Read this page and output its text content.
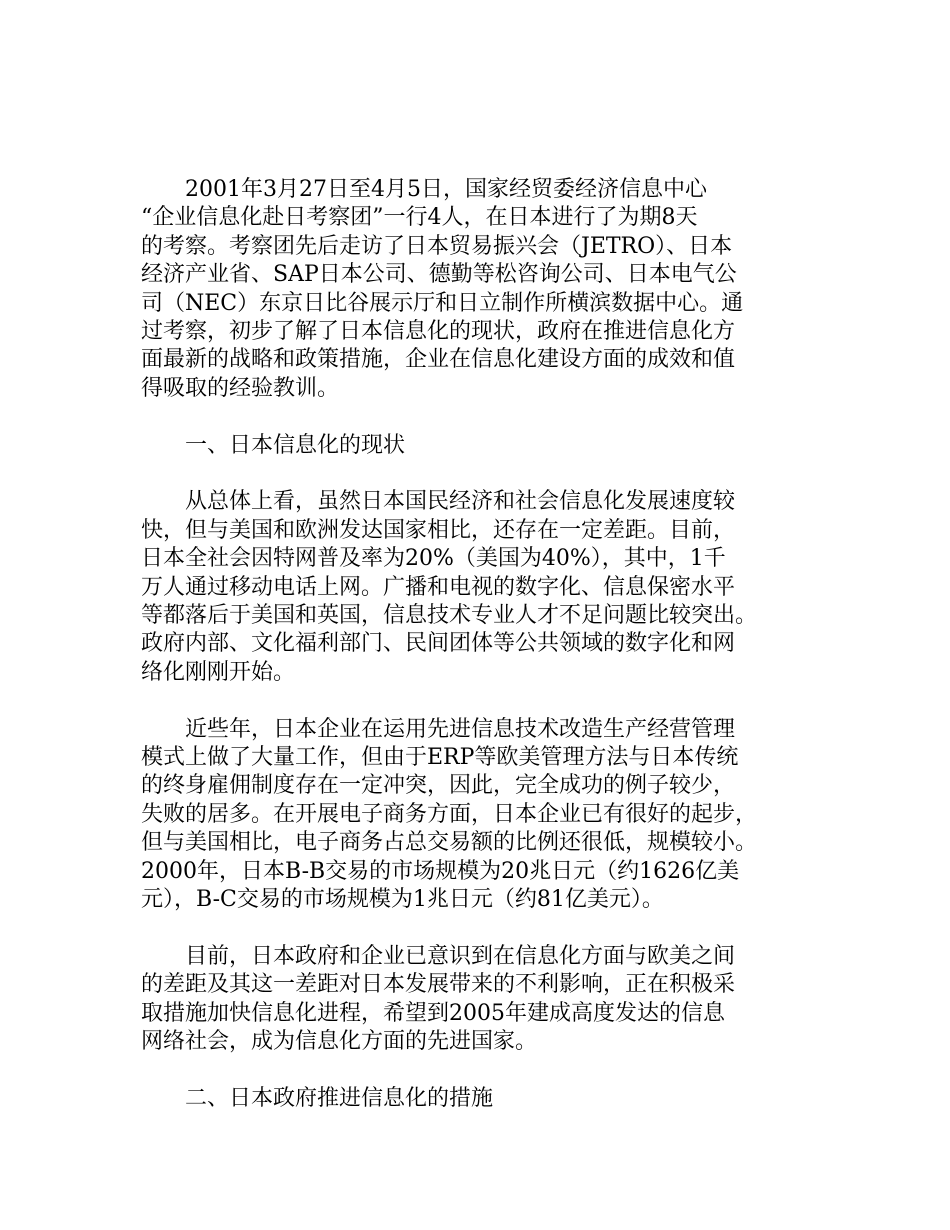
2001年3月27日至4月5日，国家经贸委经济信息中心
“企业信息化赴日考察团”一行4人，在日本进行了为期8天
的考察。考察团先后走访了日本贸易振兴会（JETRO）、日本
经济产业省、SAP日本公司、德勤等松咨询公司、日本电气公
司（NEC）东京日比谷展示厅和日立制作所横滨数据中心。通
过考察，初步了解了日本信息化的现状，政府在推进信息化方
面最新的战略和政策措施，企业在信息化建设方面的成效和值
得吸取的经验教训。
一、日本信息化的现状
从总体上看，虽然日本国民经济和社会信息化发展速度较
快，但与美国和欧洲发达国家相比，还存在一定差距。目前，
日本全社会因特网普及率为20%（美国为40%），其中，1千
万人通过移动电话上网。广播和电视的数字化、信息保密水平
等都落后于美国和英国，信息技术专业人才不足问题比较突出。
政府内部、文化福利部门、民间团体等公共领域的数字化和网
络化刚刚开始。
近些年，日本企业在运用先进信息技术改造生产经营管理
模式上做了大量工作，但由于ERP等欧美管理方法与日本传统
的终身雇佣制度存在一定冲突，因此，完全成功的例子较少，
失败的居多。在开展电子商务方面，日本企业已有很好的起步，
但与美国相比，电子商务占总交易额的比例还很低，规模较小。
2000年，日本B-B交易的市场规模为20兆日元（约1626亿美
元），B-C交易的市场规模为1兆日元（约81亿美元）。
目前，日本政府和企业已意识到在信息化方面与欧美之间
的差距及其这一差距对日本发展带来的不利影响，正在积极采
取措施加快信息化进程，希望到2005年建成高度发达的信息
网络社会，成为信息化方面的先进国家。
二、日本政府推进信息化的措施
